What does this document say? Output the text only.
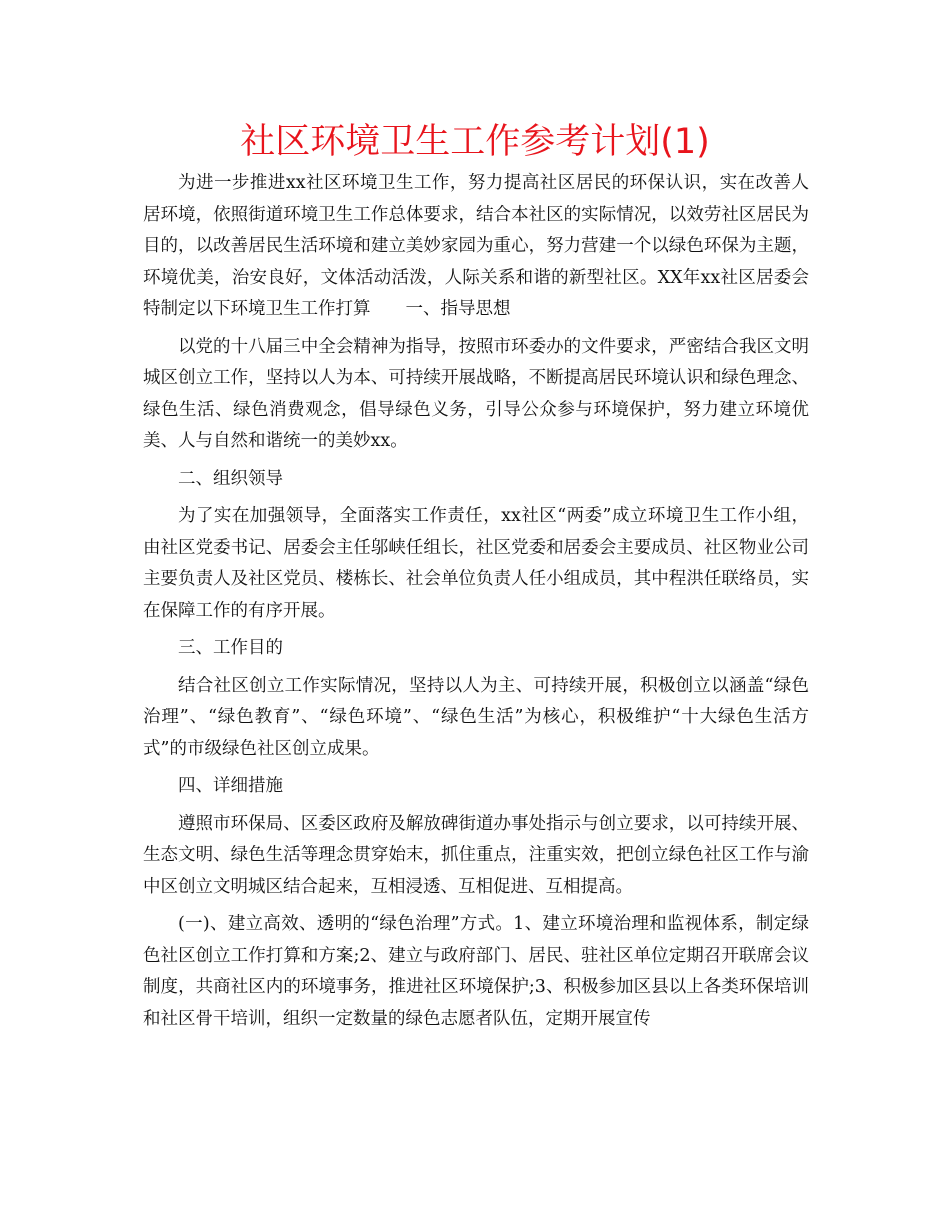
社区环境卫生工作参考计划(1)

为进一步推进xx社区环境卫生工作，努力提高社区居民的环保认识，实在改善人居环境，依照街道环境卫生工作总体要求，结合本社区的实际情况，以效劳社区居民为目的，以改善居民生活环境和建立美妙家园为重心，努力营建一个以绿色环保为主题，环境优美，治安良好，文体活动活泼，人际关系和谐的新型社区。XX年xx社区居委会特制定以下环境卫生工作打算　　一、指导思想

以党的十八届三中全会精神为指导，按照市环委办的文件要求，严密结合我区文明城区创立工作，坚持以人为本、可持续开展战略，不断提高居民环境认识和绿色理念、绿色生活、绿色消费观念，倡导绿色义务，引导公众参与环境保护，努力建立环境优美、人与自然和谐统一的美妙xx。

二、组织领导

为了实在加强领导，全面落实工作责任，xx社区“两委”成立环境卫生工作小组，由社区党委书记、居委会主任邬峡任组长，社区党委和居委会主要成员、社区物业公司主要负责人及社区党员、楼栋长、社会单位负责人任小组成员，其中程洪任联络员，实在保障工作的有序开展。

三、工作目的

结合社区创立工作实际情况，坚持以人为主、可持续开展，积极创立以涵盖“绿色治理”、“绿色教育”、“绿色环境”、“绿色生活”为核心，积极维护“十大绿色生活方式”的市级绿色社区创立成果。

四、详细措施

遵照市环保局、区委区政府及解放碑街道办事处指示与创立要求，以可持续开展、生态文明、绿色生活等理念贯穿始末，抓住重点，注重实效，把创立绿色社区工作与渝中区创立文明城区结合起来，互相浸透、互相促进、互相提高。

(一)、建立高效、透明的“绿色治理”方式。1、建立环境治理和监视体系，制定绿色社区创立工作打算和方案;2、建立与政府部门、居民、驻社区单位定期召开联席会议制度，共商社区内的环境事务，推进社区环境保护;3、积极参加区县以上各类环保培训和社区骨干培训，组织一定数量的绿色志愿者队伍，定期开展宣传
